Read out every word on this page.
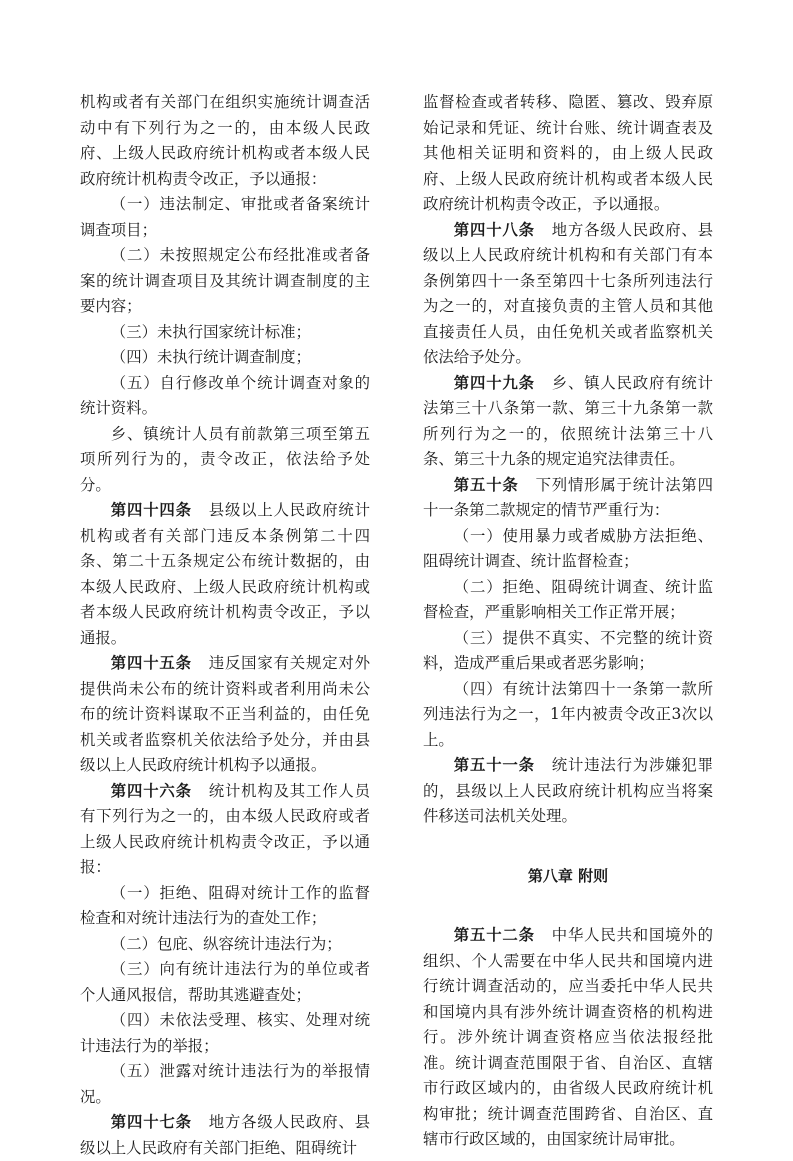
机构或者有关部门在组织实施统计调查活动中有下列行为之一的，由本级人民政府、上级人民政府统计机构或者本级人民政府统计机构责令改正，予以通报：

（一）违法制定、审批或者备案统计调查项目；

（二）未按照规定公布经批准或者备案的统计调查项目及其统计调查制度的主要内容；

（三）未执行国家统计标准；

（四）未执行统计调查制度；

（五）自行修改单个统计调查对象的统计资料。

乡、镇统计人员有前款第三项至第五项所列行为的，责令改正，依法给予处分。

第四十四条 县级以上人民政府统计机构或者有关部门违反本条例第二十四条、第二十五条规定公布统计数据的，由本级人民政府、上级人民政府统计机构或者本级人民政府统计机构责令改正，予以通报。

第四十五条 违反国家有关规定对外提供尚未公布的统计资料或者利用尚未公布的统计资料谋取不正当利益的，由任免机关或者监察机关依法给予处分，并由县级以上人民政府统计机构予以通报。

第四十六条 统计机构及其工作人员有下列行为之一的，由本级人民政府或者上级人民政府统计机构责令改正，予以通报：

（一）拒绝、阻碍对统计工作的监督检查和对统计违法行为的查处工作；

（二）包庇、纵容统计违法行为；

（三）向有统计违法行为的单位或者个人通风报信，帮助其逃避查处；

（四）未依法受理、核实、处理对统计违法行为的举报；

（五）泄露对统计违法行为的举报情况。

第四十七条 地方各级人民政府、县级以上人民政府有关部门拒绝、阻碍统计

监督检查或者转移、隐匿、篡改、毁弃原始记录和凭证、统计台账、统计调查表及其他相关证明和资料的，由上级人民政府、上级人民政府统计机构或者本级人民政府统计机构责令改正，予以通报。

第四十八条 地方各级人民政府、县级以上人民政府统计机构和有关部门有本条例第四十一条至第四十七条所列违法行为之一的，对直接负责的主管人员和其他直接责任人员，由任免机关或者监察机关依法给予处分。

第四十九条 乡、镇人民政府有统计法第三十八条第一款、第三十九条第一款所列行为之一的，依照统计法第三十八条、第三十九条的规定追究法律责任。

第五十条 下列情形属于统计法第四十一条第二款规定的情节严重行为：

（一）使用暴力或者威胁方法拒绝、阻碍统计调查、统计监督检查；

（二）拒绝、阻碍统计调查、统计监督检查，严重影响相关工作正常开展；

（三）提供不真实、不完整的统计资料，造成严重后果或者恶劣影响；

（四）有统计法第四十一条第一款所列违法行为之一，1年内被责令改正3次以上。

第五十一条 统计违法行为涉嫌犯罪的，县级以上人民政府统计机构应当将案件移送司法机关处理。

第八章 附则

第五十二条 中华人民共和国境外的组织、个人需要在中华人民共和国境内进行统计调查活动的，应当委托中华人民共和国境内具有涉外统计调查资格的机构进行。涉外统计调查资格应当依法报经批准。统计调查范围限于省、自治区、直辖市行政区域内的，由省级人民政府统计机构审批；统计调查范围跨省、自治区、直辖市行政区域的，由国家统计局审批。
